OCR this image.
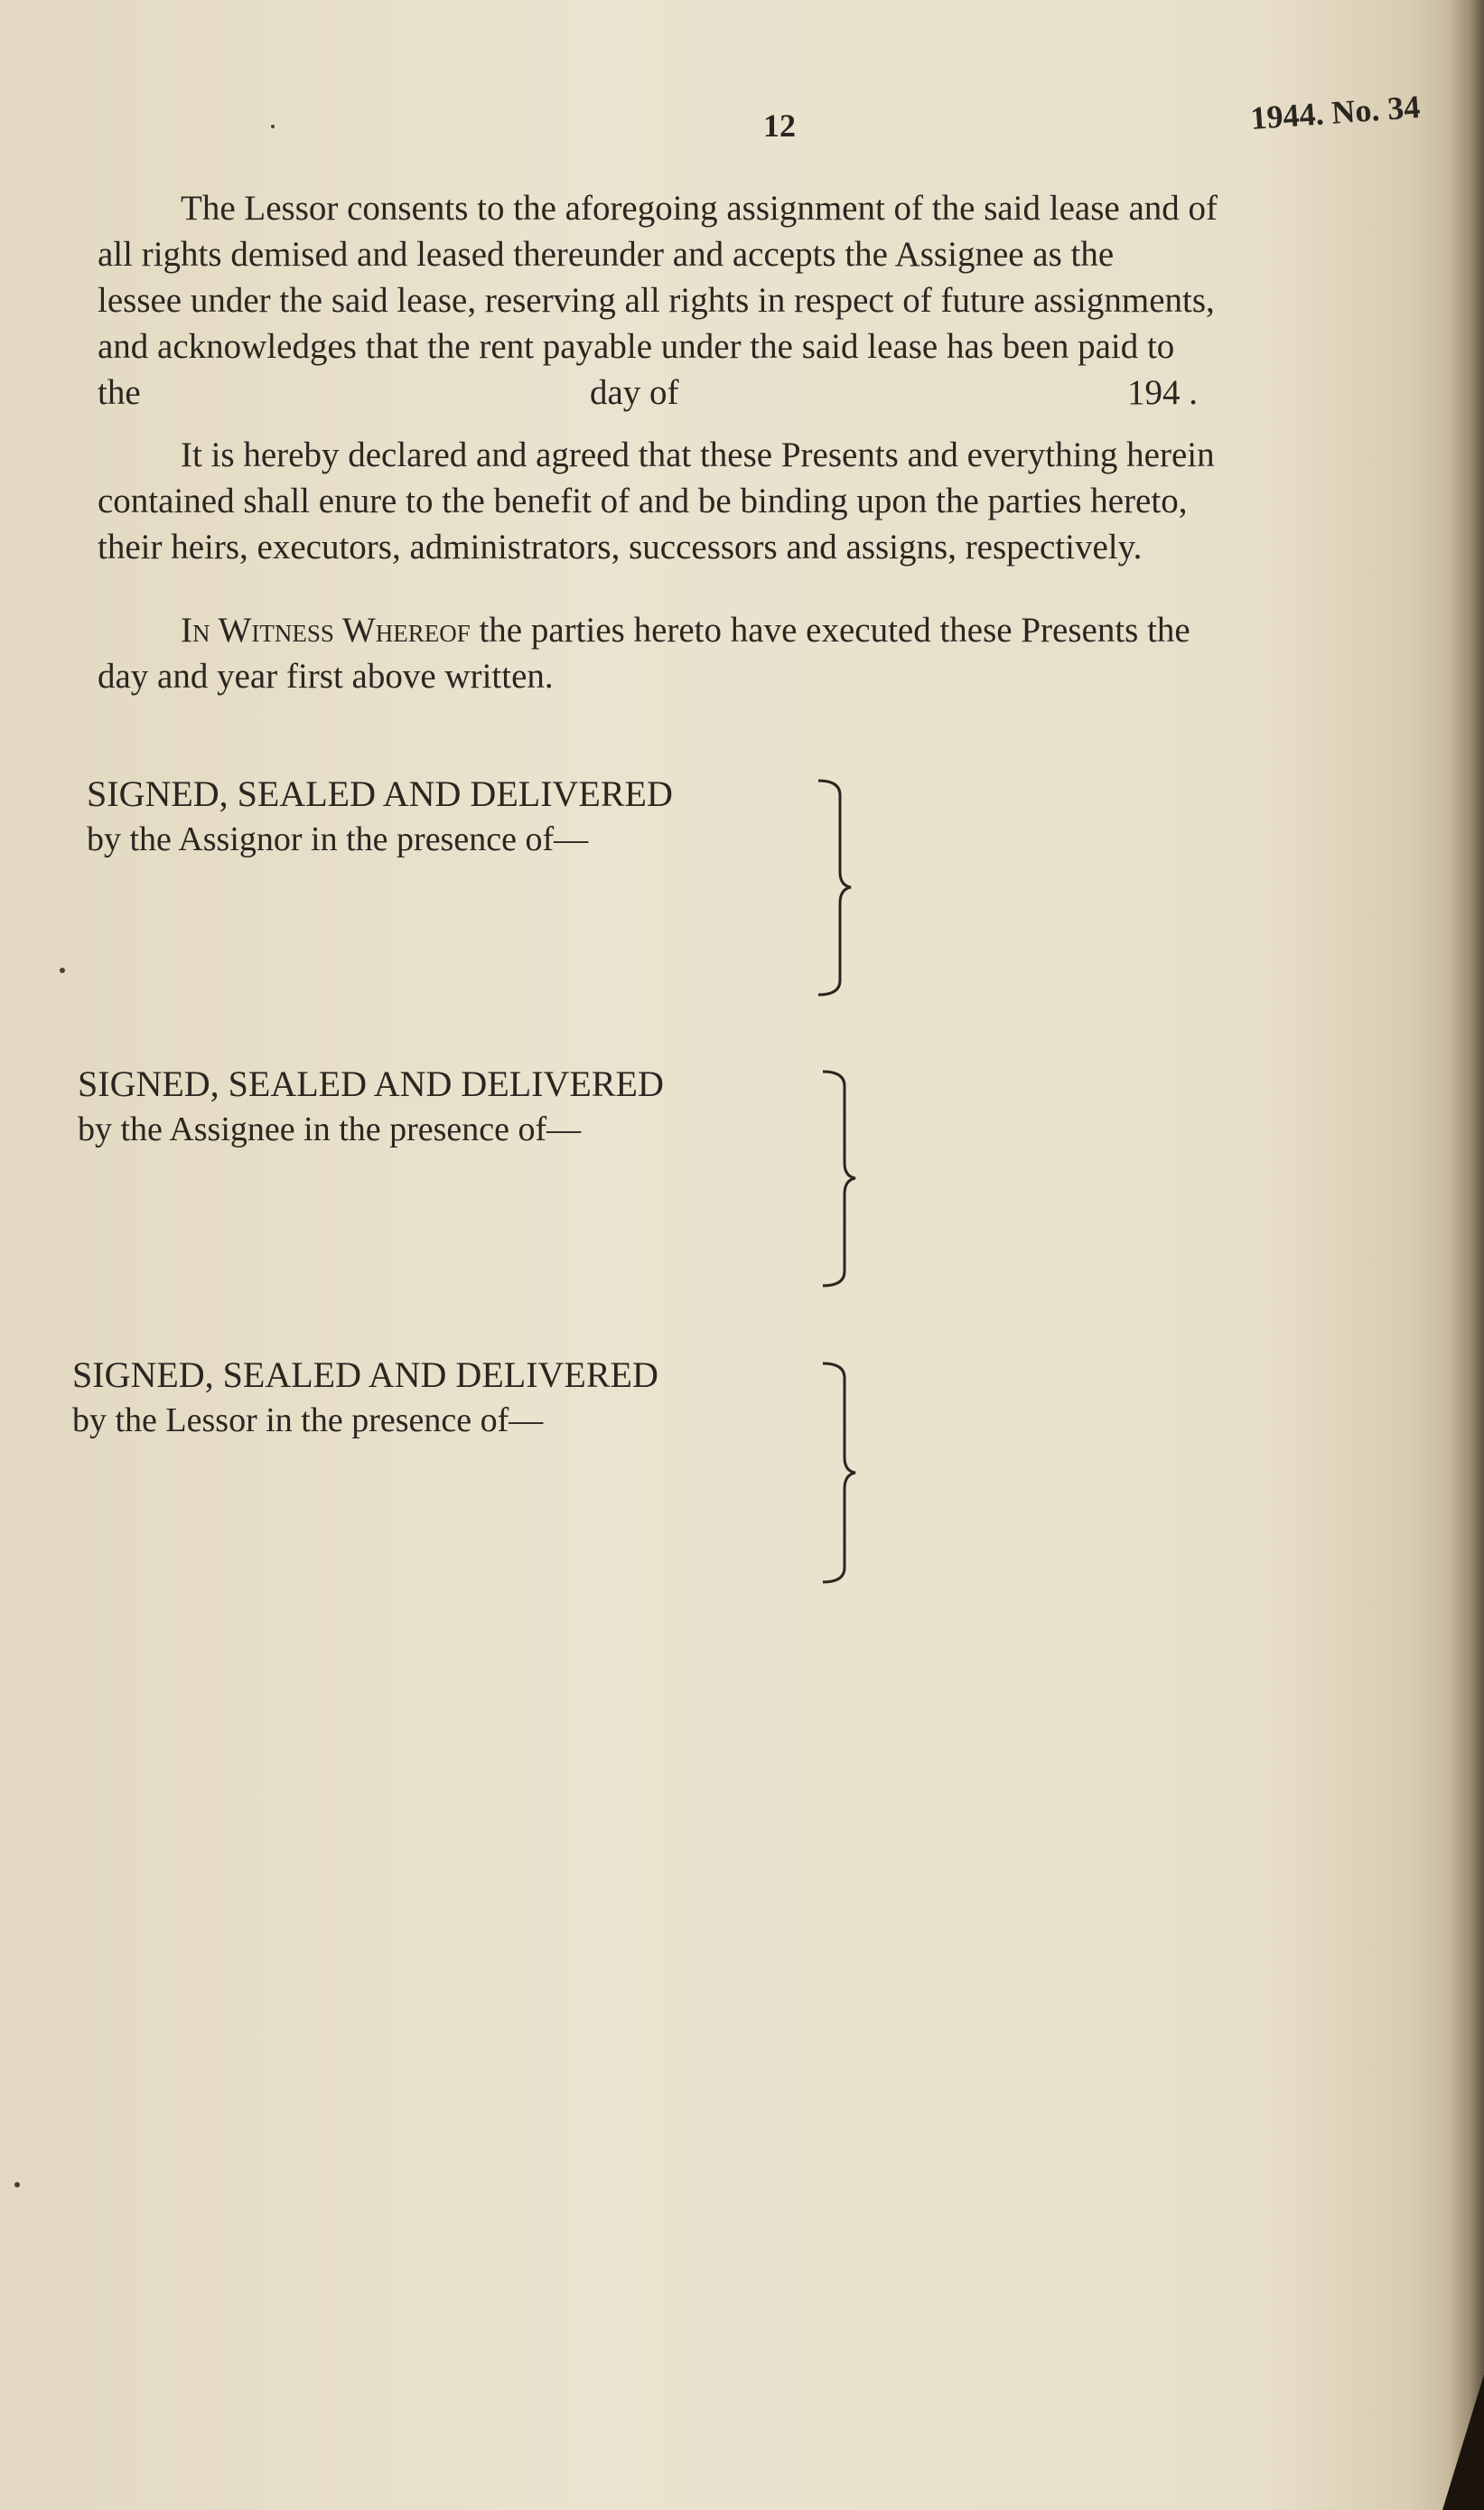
12	1944. No. 34
The Lessor consents to the aforegoing assignment of the said lease and of
all rights demised and leased thereunder and accepts the Assignee as the
lessee under the said lease, reserving all rights in respect of future assignments,
and acknowledges that the rent payable under the said lease has been paid to
the	day of	194 .
It is hereby declared and agreed that these Presents and everything herein
contained shall enure to the benefit of and be binding upon the parties hereto,
their heirs, executors, administrators, successors and assigns, respectively.
In Witness Whereof the parties hereto have executed these Presents the
day and year first above written.
SIGNED, SEALED AND DELIVERED
by the Assignor in the presence of—
SIGNED, SEALED AND DELIVERED
by the Assignee in the presence of—
SIGNED, SEALED AND DELIVERED
by the Lessor in the presence of—
